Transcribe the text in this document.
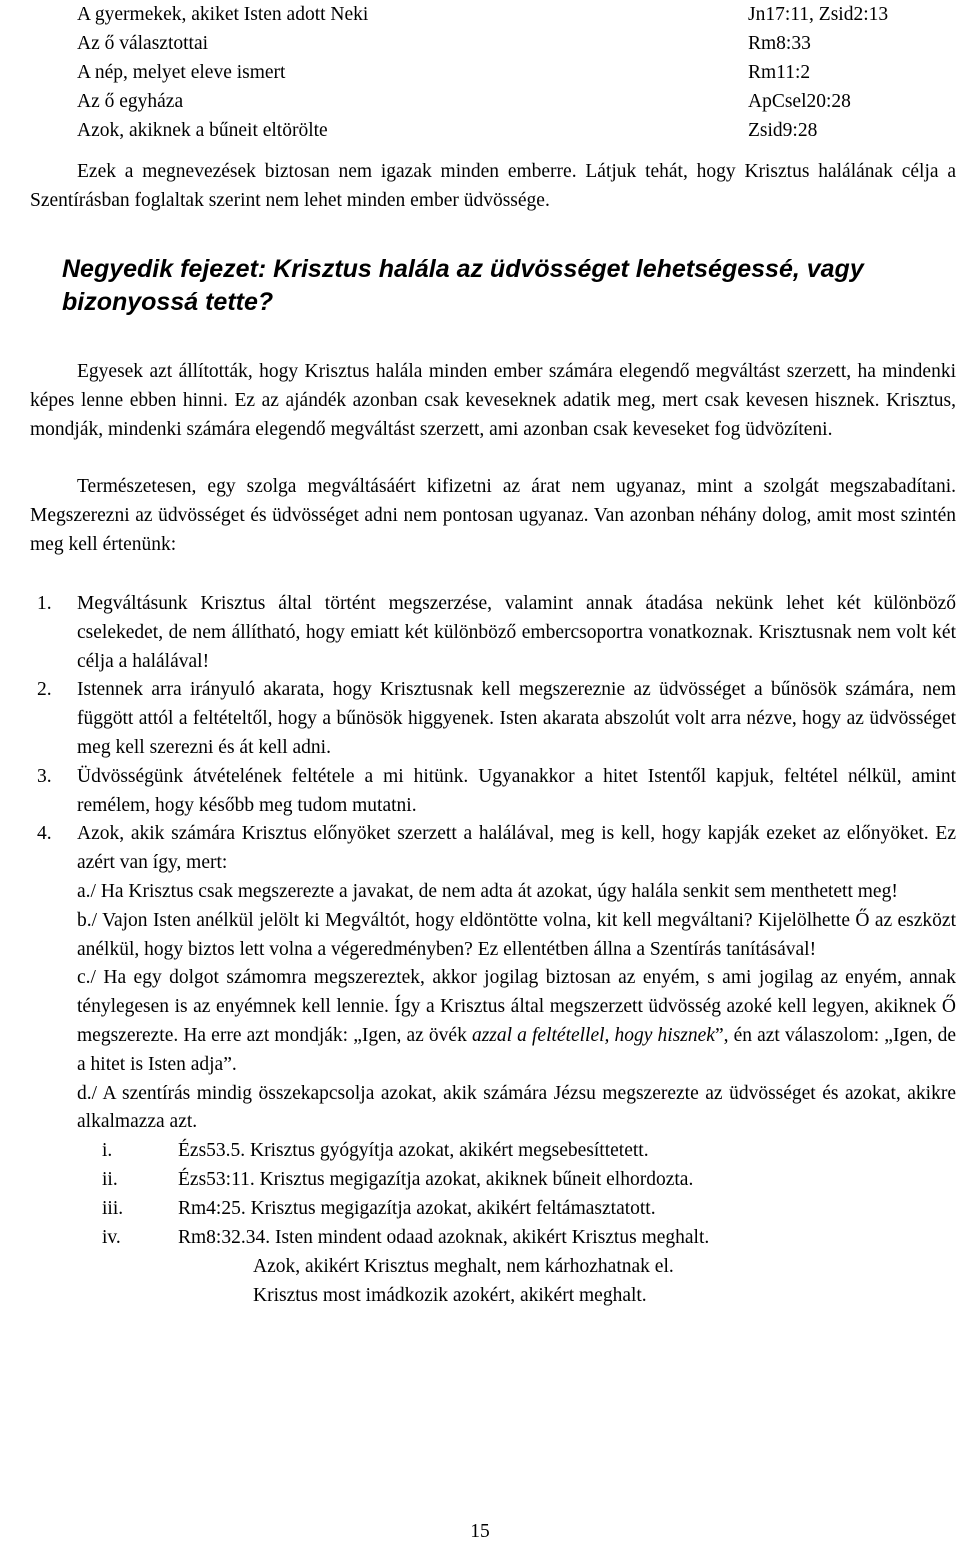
A gyermekek, akiket Isten adott Neki	Jn17:11, Zsid2:13
Az ő választottai	Rm8:33
A nép, melyet eleve ismert	Rm11:2
Az ő egyháza	ApCsel20:28
Azok, akiknek a bűneit eltörölte	Zsid9:28

Ezek a megnevezések biztosan nem igazak minden emberre. Látjuk tehát, hogy Krisztus halálának célja a Szentírásban foglaltak szerint nem lehet minden ember üdvössége.

Negyedik fejezet: Krisztus halála az üdvösséget lehetségessé, vagy
bizonyossá tette?

Egyesek azt állították, hogy Krisztus halála minden ember számára elegendő megváltást szerzett, ha mindenki képes lenne ebben hinni. Ez az ajándék azonban csak keveseknek adatik meg, mert csak kevesen hisznek. Krisztus, mondják, mindenki számára elegendő megváltást szerzett, ami azonban csak keveseket fog üdvözíteni.

Természetesen, egy szolga megváltásáért kifizetni az árat nem ugyanaz, mint a szolgát megszabadítani. Megszerezni az üdvösséget és üdvösséget adni nem pontosan ugyanaz. Van azonban néhány dolog, amit most szintén meg kell értenünk:

1. Megváltásunk Krisztus által történt megszerzése, valamint annak átadása nekünk lehet két különböző cselekedet, de nem állítható, hogy emiatt két különböző embercsoportra vonatkoznak. Krisztusnak nem volt két célja a halálával!
2. Istennek arra irányuló akarata, hogy Krisztusnak kell megszereznie az üdvösséget a bűnösök számára, nem függött attól a feltételtől, hogy a bűnösök higgyenek. Isten akarata abszolút volt arra nézve, hogy az üdvösséget meg kell szerezni és át kell adni.
3. Üdvösségünk átvételének feltétele a mi hitünk. Ugyanakkor a hitet Istentől kapjuk, feltétel nélkül, amint remélem, hogy később meg tudom mutatni.
4. Azok, akik számára Krisztus előnyöket szerzett a halálával, meg is kell, hogy kapják ezeket az előnyöket. Ez azért van így, mert:
a./ Ha Krisztus csak megszerezte a javakat, de nem adta át azokat, úgy halála senkit sem menthetett meg!
b./ Vajon Isten anélkül jelölt ki Megváltót, hogy eldöntötte volna, kit kell megváltani? Kijelölhette Ő az eszközt anélkül, hogy biztos lett volna a végeredményben? Ez ellentétben állna a Szentírás tanításával!
c./ Ha egy dolgot számomra megszereztek, akkor jogilag biztosan az enyém, s ami jogilag az enyém, annak ténylegesen is az enyémnek kell lennie. Így a Krisztus által megszerzett üdvösség azoké kell legyen, akiknek Ő megszerezte. Ha erre azt mondják: „Igen, az övék azzal a feltétellel, hogy hisznek”, én azt válaszolom: „Igen, de a hitet is Isten adja”.
d./ A szentírás mindig összekapcsolja azokat, akik számára Jézsu megszerezte az üdvösséget és azokat, akikre alkalmazza azt.
i.	Ézs53.5. Krisztus gyógyítja azokat, akikért megsebesíttetett.
ii.	Ézs53:11. Krisztus megigazítja azokat, akiknek bűneit elhordozta.
iii.	Rm4:25. Krisztus megigazítja azokat, akikért feltámasztatott.
iv.	Rm8:32.34. Isten mindent odaad azoknak, akikért Krisztus meghalt.
Azok, akikért Krisztus meghalt, nem kárhozhatnak el.
Krisztus most imádkozik azokért, akikért meghalt.
15
